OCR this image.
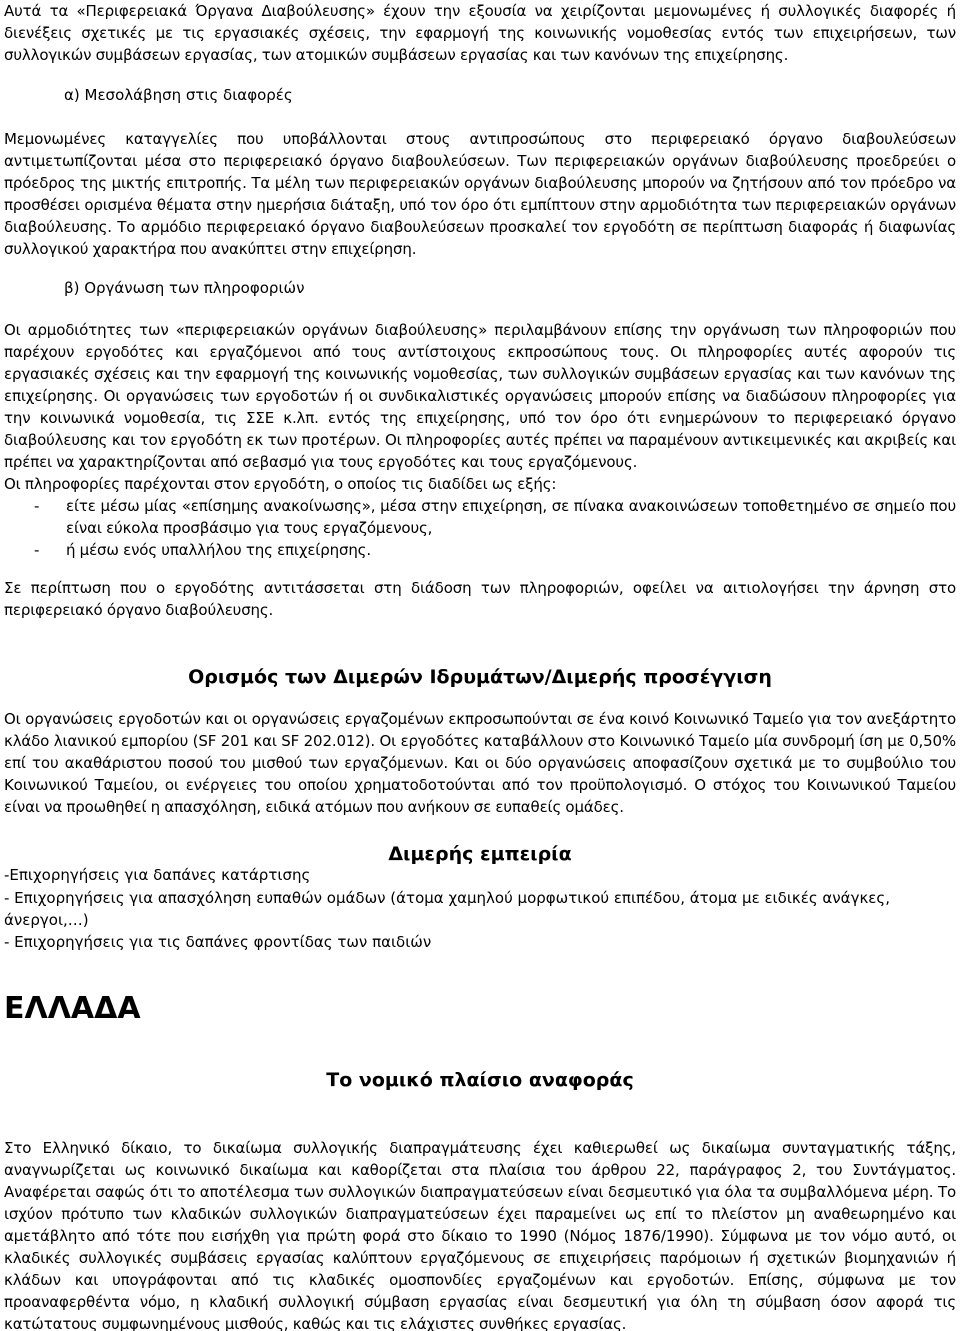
Αυτά τα «Περιφερειακά Όργανα Διαβούλευσης» έχουν την εξουσία να χειρίζονται μεμονωμένες ή συλλογικές διαφορές ή διενέξεις σχετικές με τις εργασιακές σχέσεις, την εφαρμογή της κοινωνικής νομοθεσίας εντός των επιχειρήσεων, των συλλογικών συμβάσεων εργασίας, των ατομικών συμβάσεων εργασίας και των κανόνων της επιχείρησης.

α) Μεσολάβηση στις διαφορές

Μεμονωμένες καταγγελίες που υποβάλλονται στους αντιπροσώπους στο περιφερειακό όργανο διαβουλεύσεων αντιμετωπίζονται μέσα στο περιφερειακό όργανο διαβουλεύσεων. Των περιφερειακών οργάνων διαβούλευσης προεδρεύει ο πρόεδρος της μικτής επιτροπής. Τα μέλη των περιφερειακών οργάνων διαβούλευσης μπορούν να ζητήσουν από τον πρόεδρο να προσθέσει ορισμένα θέματα στην ημερήσια διάταξη, υπό τον όρο ότι εμπίπτουν στην αρμοδιότητα των περιφερειακών οργάνων διαβούλευσης. Το αρμόδιο περιφερειακό όργανο διαβουλεύσεων προσκαλεί τον εργοδότη σε περίπτωση διαφοράς ή διαφωνίας συλλογικού χαρακτήρα που ανακύπτει στην επιχείρηση.

β) Οργάνωση των πληροφοριών

Οι αρμοδιότητες των «περιφερειακών οργάνων διαβούλευσης» περιλαμβάνουν επίσης την οργάνωση των πληροφοριών που παρέχουν εργοδότες και εργαζόμενοι από τους αντίστοιχους εκπροσώπους τους. Οι πληροφορίες αυτές αφορούν τις εργασιακές σχέσεις και την εφαρμογή της κοινωνικής νομοθεσίας, των συλλογικών συμβάσεων εργασίας και των κανόνων της επιχείρησης. Οι οργανώσεις των εργοδοτών ή οι συνδικαλιστικές οργανώσεις μπορούν επίσης να διαδώσουν πληροφορίες για την κοινωνικά νομοθεσία, τις ΣΣΕ κ.λπ. εντός της επιχείρησης, υπό τον όρο ότι ενημερώνουν το περιφερειακό όργανο διαβούλευσης και τον εργοδότη εκ των προτέρων. Οι πληροφορίες αυτές πρέπει να παραμένουν αντικειμενικές και ακριβείς και πρέπει να χαρακτηρίζονται από σεβασμό για τους εργοδότες και τους εργαζόμενους.

Οι πληροφορίες παρέχονται στον εργοδότη, ο οποίος τις διαδίδει ως εξής:

- είτε μέσω μίας «επίσημης ανακοίνωσης», μέσα στην επιχείρηση, σε πίνακα ανακοινώσεων τοποθετημένο σε σημείο που είναι εύκολα προσβάσιμο για τους εργαζόμενους,
- ή μέσω ενός υπαλλήλου της επιχείρησης.

Σε περίπτωση που ο εργοδότης αντιτάσσεται στη διάδοση των πληροφοριών, οφείλει να αιτιολογήσει την άρνηση στο περιφερειακό όργανο διαβούλευσης.

Ορισμός των Διμερών Ιδρυμάτων/Διμερής προσέγγιση

Οι οργανώσεις εργοδοτών και οι οργανώσεις εργαζομένων εκπροσωπούνται σε ένα κοινό Κοινωνικό Ταμείο για τον ανεξάρτητο κλάδο λιανικού εμπορίου (SF 201 και SF 202.012). Οι εργοδότες καταβάλλουν στο Κοινωνικό Ταμείο μία συνδρομή ίση με 0,50% επί του ακαθάριστου ποσού του μισθού των εργαζόμενων. Και οι δύο οργανώσεις αποφασίζουν σχετικά με το συμβούλιο του Κοινωνικού Ταμείου, οι ενέργειες του οποίου χρηματοδοτούνται από τον προϋπολογισμό. Ο στόχος του Κοινωνικού Ταμείου είναι να προωθηθεί η απασχόληση, ειδικά ατόμων που ανήκουν σε ευπαθείς ομάδες.

Διμερής εμπειρία

-Επιχορηγήσεις για δαπάνες κατάρτισης

- Επιχορηγήσεις για απασχόληση ευπαθών ομάδων (άτομα χαμηλού μορφωτικού επιπέδου, άτομα με ειδικές ανάγκες, άνεργοι,…)

- Επιχορηγήσεις για τις δαπάνες φροντίδας των παιδιών

ΕΛΛΑΔΑ
Το νομικό πλαίσιο αναφοράς

Στο Ελληνικό δίκαιο, το δικαίωμα συλλογικής διαπραγμάτευσης έχει καθιερωθεί ως δικαίωμα συνταγματικής τάξης, αναγνωρίζεται ως κοινωνικό δικαίωμα και καθορίζεται στα πλαίσια του άρθρου 22, παράγραφος 2, του Συντάγματος. Αναφέρεται σαφώς ότι το αποτέλεσμα των συλλογικών διαπραγματεύσεων είναι δεσμευτικό για όλα τα συμβαλλόμενα μέρη. Το ισχύον πρότυπο των κλαδικών συλλογικών διαπραγματεύσεων έχει παραμείνει ως επί το πλείστον μη αναθεωρημένο και αμετάβλητο από τότε που εισήχθη για πρώτη φορά στο δίκαιο το 1990 (Νόμος 1876/1990). Σύμφωνα με τον νόμο αυτό, οι κλαδικές συλλογικές συμβάσεις εργασίας καλύπτουν εργαζόμενους σε επιχειρήσεις παρόμοιων ή σχετικών βιομηχανιών ή κλάδων και υπογράφονται από τις κλαδικές ομοσπονδίες εργαζομένων και εργοδοτών. Επίσης, σύμφωνα με τον προαναφερθέντα νόμο, η κλαδική συλλογική σύμβαση εργασίας είναι δεσμευτική για όλη τη σύμβαση όσον αφορά τις κατώτατους συμφωνημένους μισθούς, καθώς και τις ελάχιστες συνθήκες εργασίας.
